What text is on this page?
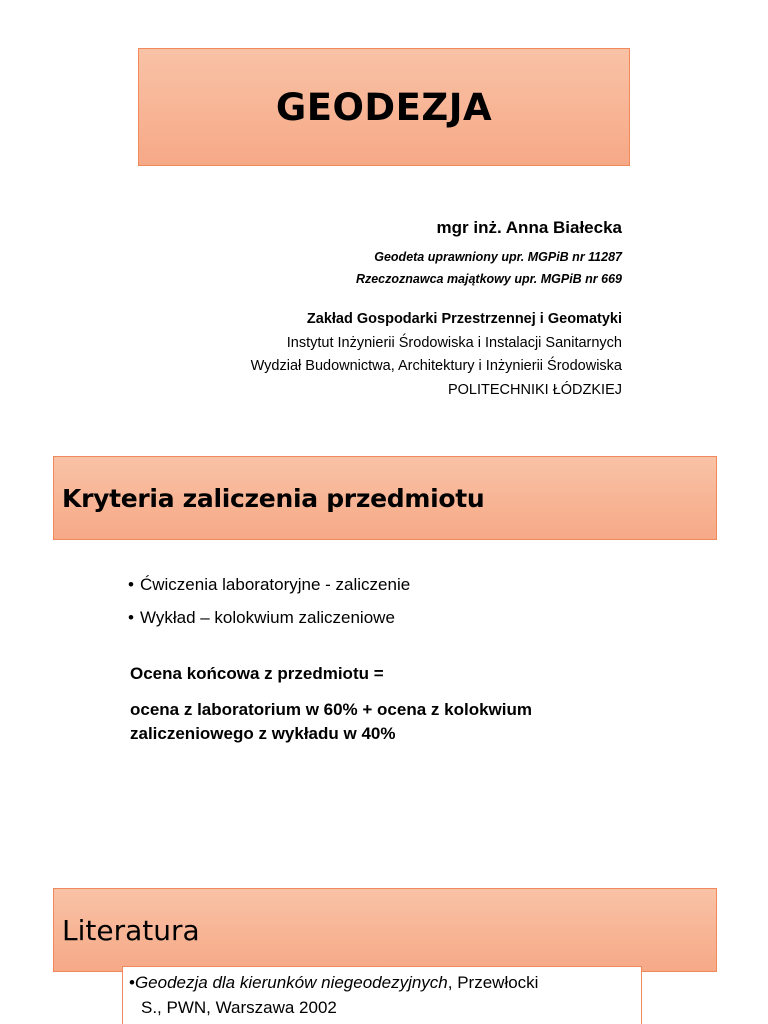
GEODEZJA
mgr inż. Anna Białecka
Geodeta uprawniony upr. MGPiB nr 11287
Rzeczoznawca majątkowy upr. MGPiB nr 669
Zakład Gospodarki Przestrzennej i Geomatyki
Instytut Inżynierii Środowiska i Instalacji Sanitarnych
Wydział Budownictwa, Architektury i Inżynierii Środowiska
POLITECHNIKI ŁÓDZKIEJ
Kryteria zaliczenia przedmiotu
• Ćwiczenia laboratoryjne - zaliczenie
• Wykład – kolokwium zaliczeniowe
Ocena końcowa z przedmiotu =
ocena z laboratorium w 60% + ocena z kolokwium zaliczeniowego z wykładu w 40%
Literatura
• Geodezja dla kierunków niegeodezyjnych, Przewłocki
S., PWN, Warszawa 2002
